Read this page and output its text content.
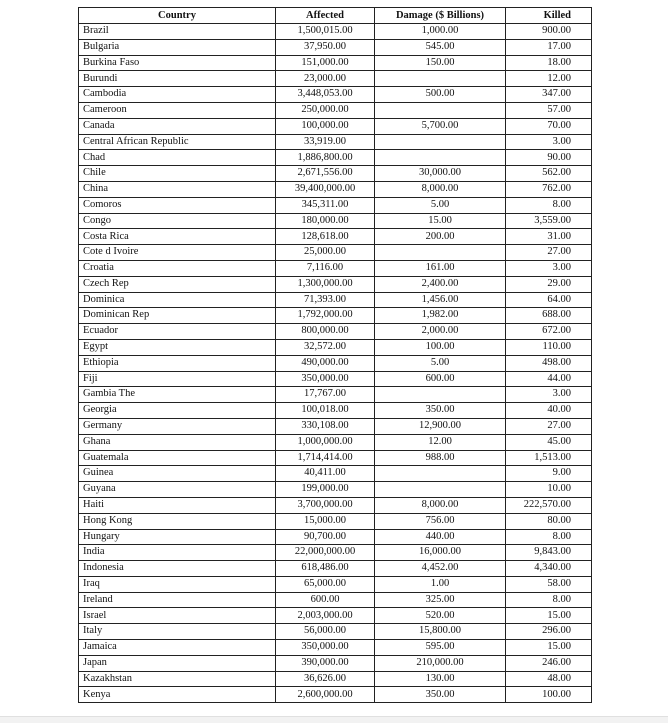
Country	Affected	Damage ($ Billions)	Killed
Brazil	1,500,015.00	1,000.00	900.00
Bulgaria	37,950.00	545.00	17.00
Burkina Faso	151,000.00	150.00	18.00
Burundi	23,000.00		12.00
Cambodia	3,448,053.00	500.00	347.00
Cameroon	250,000.00		57.00
Canada	100,000.00	5,700.00	70.00
Central African Republic	33,919.00		3.00
Chad	1,886,800.00		90.00
Chile	2,671,556.00	30,000.00	562.00
China	39,400,000.00	8,000.00	762.00
Comoros	345,311.00	5.00	8.00
Congo	180,000.00	15.00	3,559.00
Costa Rica	128,618.00	200.00	31.00
Cote d Ivoire	25,000.00		27.00
Croatia	7,116.00	161.00	3.00
Czech Rep	1,300,000.00	2,400.00	29.00
Dominica	71,393.00	1,456.00	64.00
Dominican Rep	1,792,000.00	1,982.00	688.00
Ecuador	800,000.00	2,000.00	672.00
Egypt	32,572.00	100.00	110.00
Ethiopia	490,000.00	5.00	498.00
Fiji	350,000.00	600.00	44.00
Gambia The	17,767.00		3.00
Georgia	100,018.00	350.00	40.00
Germany	330,108.00	12,900.00	27.00
Ghana	1,000,000.00	12.00	45.00
Guatemala	1,714,414.00	988.00	1,513.00
Guinea	40,411.00		9.00
Guyana	199,000.00		10.00
Haiti	3,700,000.00	8,000.00	222,570.00
Hong Kong	15,000.00	756.00	80.00
Hungary	90,700.00	440.00	8.00
India	22,000,000.00	16,000.00	9,843.00
Indonesia	618,486.00	4,452.00	4,340.00
Iraq	65,000.00	1.00	58.00
Ireland	600.00	325.00	8.00
Israel	2,003,000.00	520.00	15.00
Italy	56,000.00	15,800.00	296.00
Jamaica	350,000.00	595.00	15.00
Japan	390,000.00	210,000.00	246.00
Kazakhstan	36,626.00	130.00	48.00
Kenya	2,600,000.00	350.00	100.00
